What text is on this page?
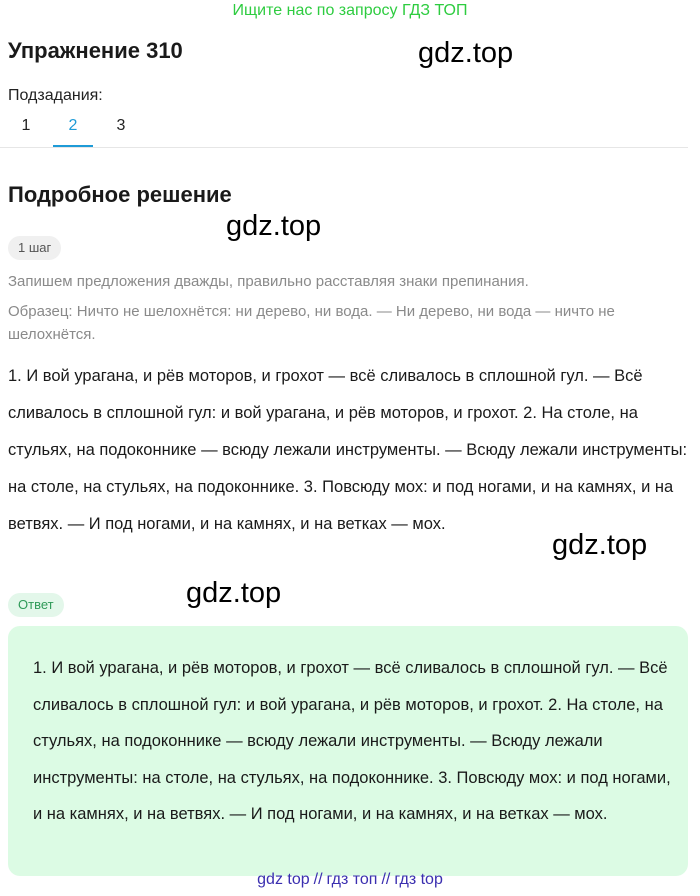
Ищите нас по запросу ГДЗ ТОП
Упражнение 310	gdz.top
gdz.top
gdz.top
gdz.top
Подзадания:
1	2	3
Подробное решение
1 шаг
Запишем предложения дважды, правильно расставляя знаки препинания.
Образец: Ничто не шелохнётся: ни дерево, ни вода. — Ни дерево, ни вода — ничто не шелохнётся.
1. И вой урагана, и рёв моторов, и грохот — всё сливалось в сплошной гул. — Всё сливалось в сплошной гул: и вой урагана, и рёв моторов, и грохот. 2. На столе, на стульях, на подоконнике — всюду лежали инструменты. — Всюду лежали инструменты: на столе, на стульях, на подоконнике. 3. Повсюду мох: и под ногами, и на камнях, и на ветвях. — И под ногами, и на камнях, и на ветках — мох.
Ответ
1. И вой урагана, и рёв моторов, и грохот — всё сливалось в сплошной гул. — Всё сливалось в сплошной гул: и вой урагана, и рёв моторов, и грохот. 2. На столе, на стульях, на подоконнике — всюду лежали инструменты. — Всюду лежали инструменты: на столе, на стульях, на подоконнике. 3. Повсюду мох: и под ногами, и на камнях, и на ветвях. — И под ногами, и на камнях, и на ветках — мох.
gdz top // гдз топ // гдз top
